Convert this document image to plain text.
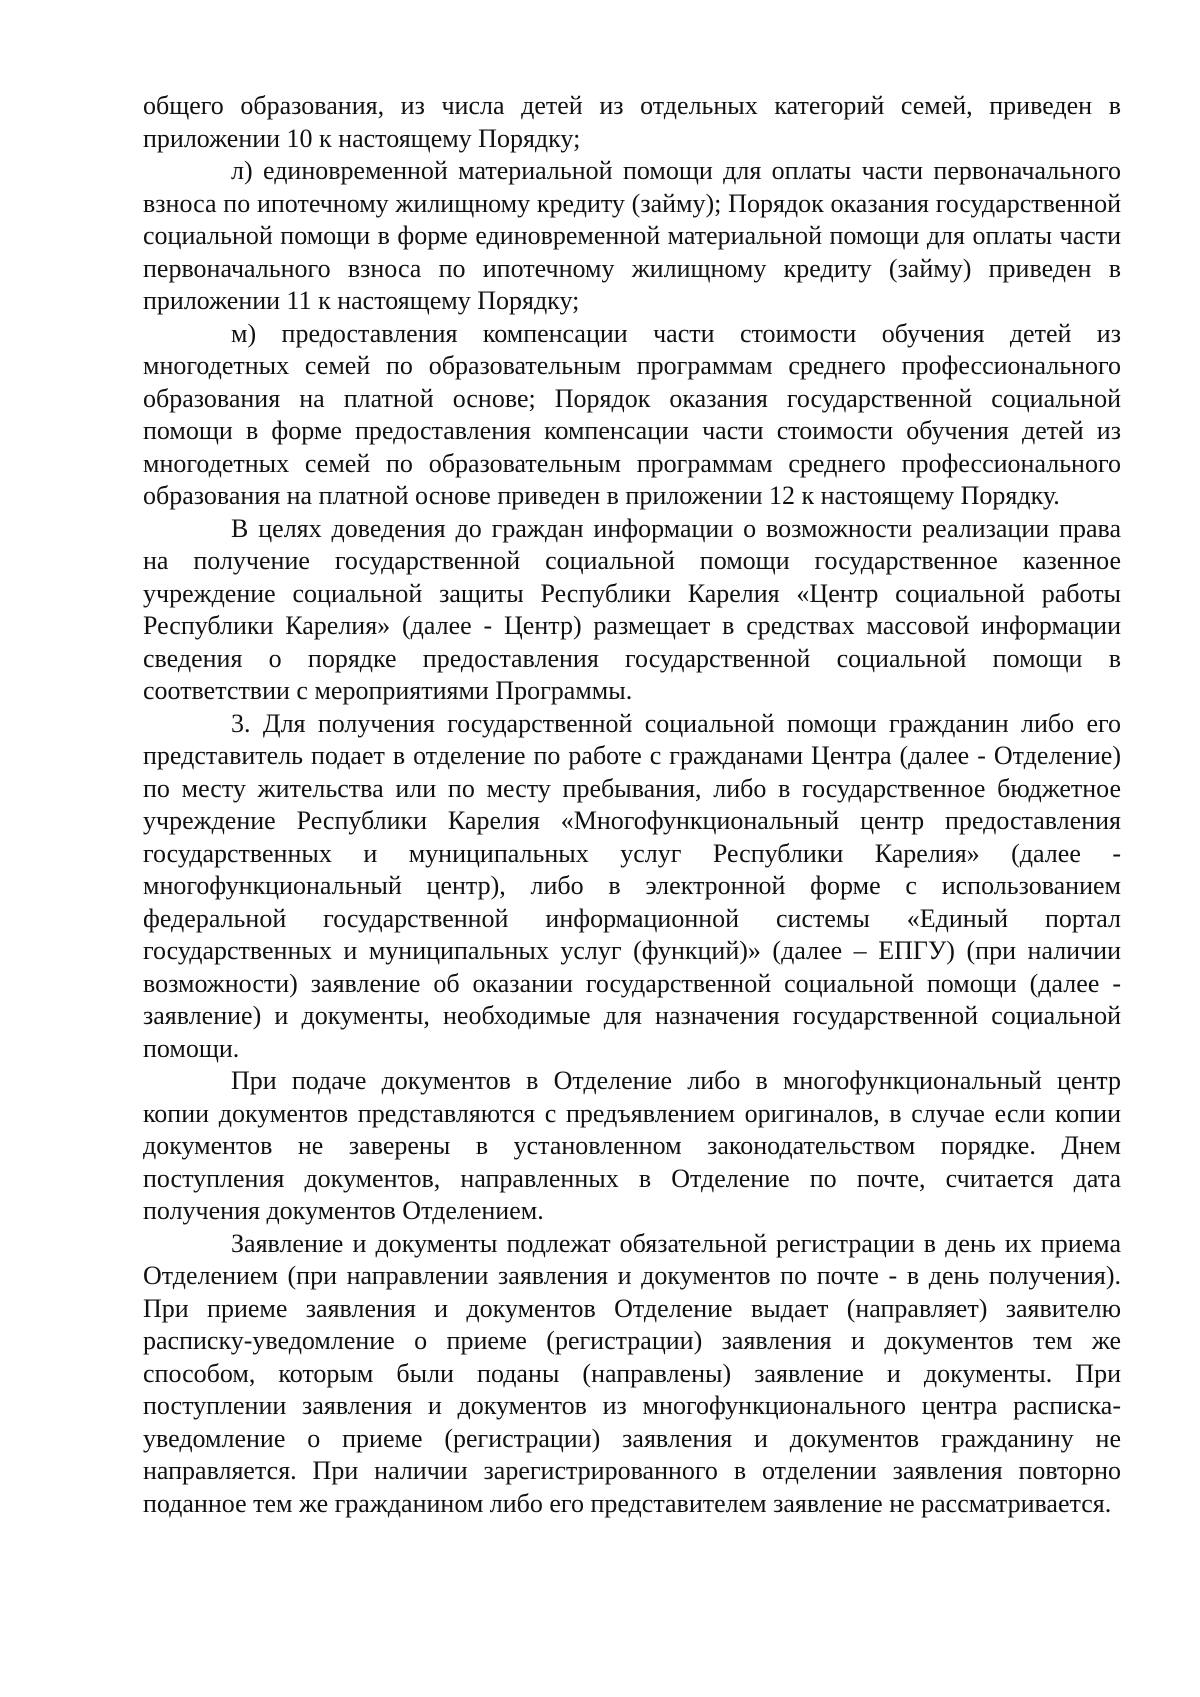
общего образования, из числа детей из отдельных категорий семей, приведен в приложении 10 к настоящему Порядку;

л) единовременной материальной помощи для оплаты части первоначального взноса по ипотечному жилищному кредиту (займу); Порядок оказания государственной социальной помощи в форме единовременной материальной помощи для оплаты части первоначального взноса по ипотечному жилищному кредиту (займу) приведен в приложении 11 к настоящему Порядку;

м) предоставления компенсации части стоимости обучения детей из многодетных семей по образовательным программам среднего профессионального образования на платной основе; Порядок оказания государственной социальной помощи в форме предоставления компенсации части стоимости обучения детей из многодетных семей по образовательным программам среднего профессионального образования на платной основе приведен в приложении 12 к настоящему Порядку.

В целях доведения до граждан информации о возможности реализации права на получение государственной социальной помощи государственное казенное учреждение социальной защиты Республики Карелия «Центр социальной работы Республики Карелия» (далее - Центр) размещает в средствах массовой информации сведения о порядке предоставления государственной социальной помощи в соответствии с мероприятиями Программы.

3. Для получения государственной социальной помощи гражданин либо его представитель подает в отделение по работе с гражданами Центра (далее - Отделение) по месту жительства или по месту пребывания, либо в государственное бюджетное учреждение Республики Карелия «Многофункциональный центр предоставления государственных и муниципальных услуг Республики Карелия» (далее - многофункциональный центр), либо в электронной форме с использованием федеральной государственной информационной системы «Единый портал государственных и муниципальных услуг (функций)» (далее – ЕПГУ) (при наличии возможности) заявление об оказании государственной социальной помощи (далее - заявление) и документы, необходимые для назначения государственной социальной помощи.

При подаче документов в Отделение либо в многофункциональный центр копии документов представляются с предъявлением оригиналов, в случае если копии документов не заверены в установленном законодательством порядке. Днем поступления документов, направленных в Отделение по почте, считается дата получения документов Отделением.

Заявление и документы подлежат обязательной регистрации в день их приема Отделением (при направлении заявления и документов по почте - в день получения). При приеме заявления и документов Отделение выдает (направляет) заявителю расписку-уведомление о приеме (регистрации) заявления и документов тем же способом, которым были поданы (направлены) заявление и документы. При поступлении заявления и документов из многофункционального центра расписка-уведомление о приеме (регистрации) заявления и документов гражданину не направляется. При наличии зарегистрированного в отделении заявления повторно поданное тем же гражданином либо его представителем заявление не рассматривается.
